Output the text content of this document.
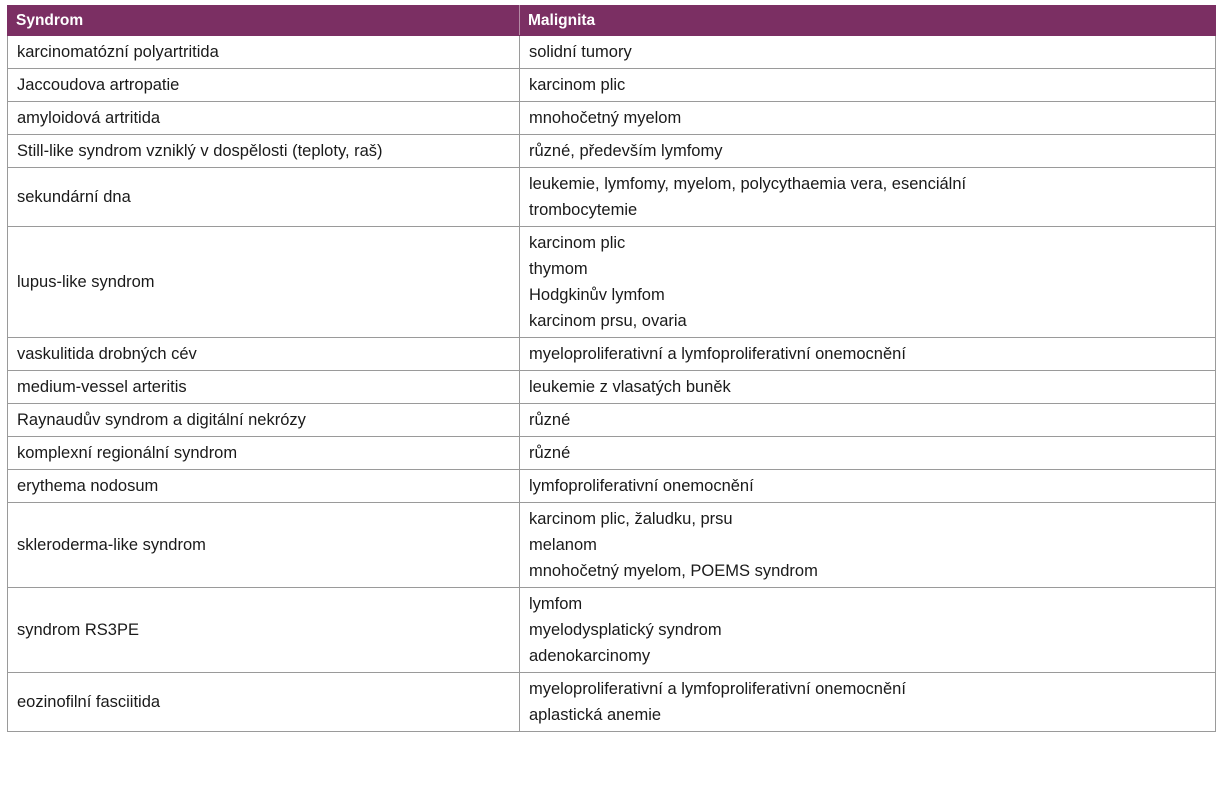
Syndrom	Malignita
karcinomatózní polyartritida	solidní tumory

Jaccoudova artropatie	karcinom plic

amyloidová artritida	mnohočetný myelom

Still-like syndrom vzniklý v dospělosti (teploty, raš)	různé, především lymfomy

sekundární dna	leukemie, lymfomy, myelom, polycythaemia vera, esenciální
trombocytemie

lupus-like syndrom	karcinom plic
thymom
Hodgkinův lymfom
karcinom prsu, ovaria

vaskulitida drobných cév	myeloproliferativní a lymfoproliferativní onemocnění

medium-vessel arteritis	leukemie z vlasatých buněk

Raynaudův syndrom a digitální nekrózy	různé

komplexní regionální syndrom	různé

erythema nodosum	lymfoproliferativní onemocnění

skleroderma-like syndrom	karcinom plic, žaludku, prsu
melanom
mnohočetný myelom, POEMS syndrom

syndrom RS3PE	lymfom
myelodysplatický syndrom
adenokarcinomy

eozinofilní fasciitida	myeloproliferativní a lymfoproliferativní onemocnění
aplastická anemie
